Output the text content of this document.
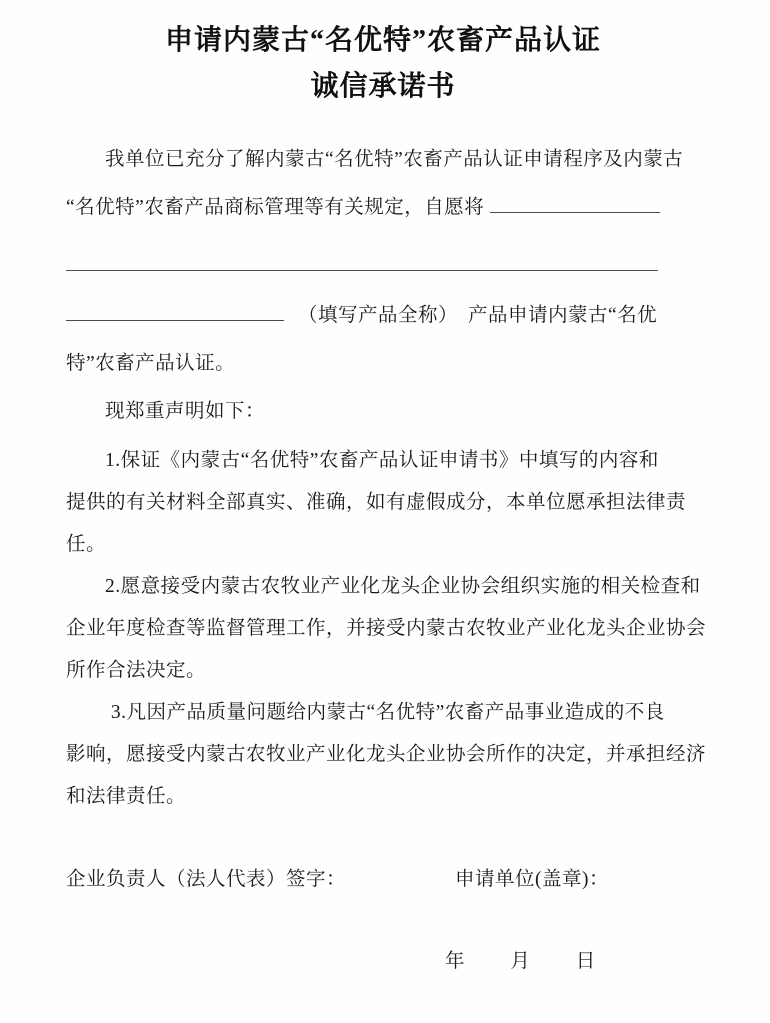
申请内蒙古“名优特”农畜产品认证
诚信承诺书
我单位已充分了解内蒙古“名优特”农畜产品认证申请程序及内蒙古
“名优特”农畜产品商标管理等有关规定，自愿将
（填写产品全称） 产品申请内蒙古“名优
特”农畜产品认证。
现郑重声明如下：
1.保证《内蒙古“名优特”农畜产品认证申请书》中填写的内容和
提供的有关材料全部真实、准确，如有虚假成分，本单位愿承担法律责
任。
2.愿意接受内蒙古农牧业产业化龙头企业协会组织实施的相关检查和
企业年度检查等监督管理工作，并接受内蒙古农牧业产业化龙头企业协会
所作合法决定。
3.凡因产品质量问题给内蒙古“名优特”农畜产品事业造成的不良
影响，愿接受内蒙古农牧业产业化龙头企业协会所作的决定，并承担经济
和法律责任。
企业负责人（法人代表）签字：	申请单位(盖章)：
年 月 日
